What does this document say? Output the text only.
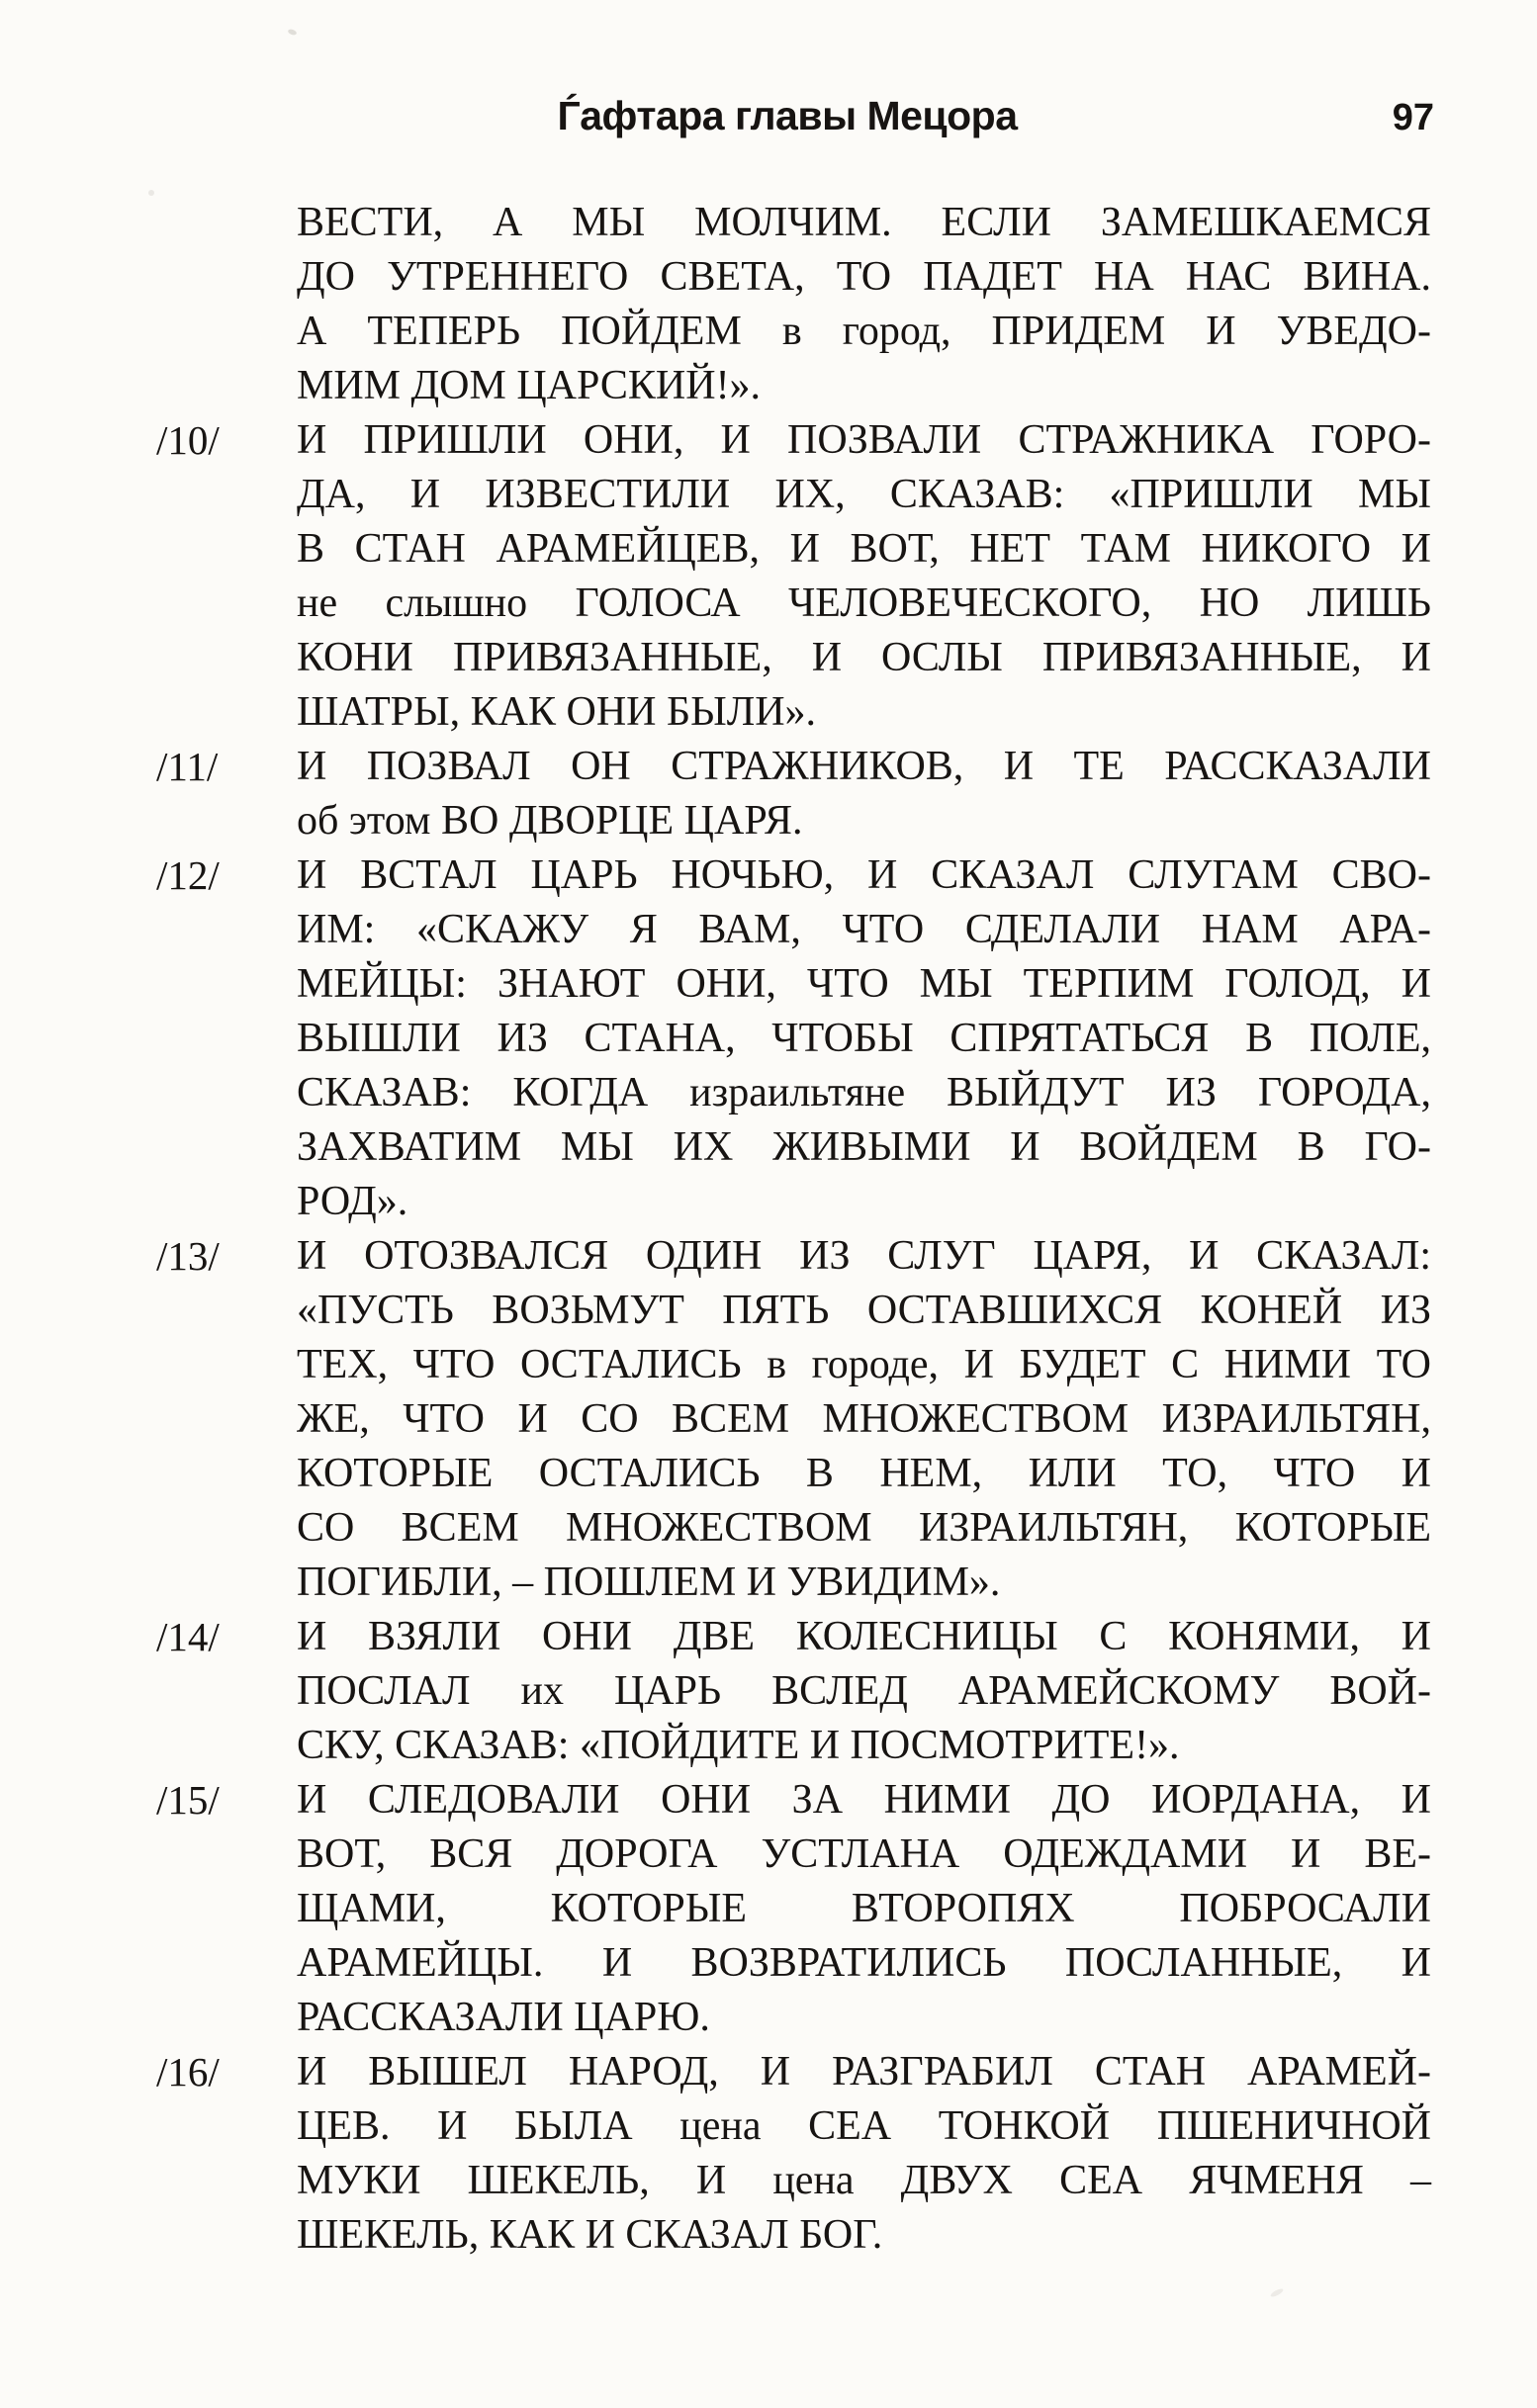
Ѓафтара главы Мецора	97
ВЕСТИ, А МЫ МОЛЧИМ. ЕСЛИ ЗАМЕШКАЕМСЯ
ДО УТРЕННЕГО СВЕТА, ТО ПАДЕТ НА НАС ВИНА.
А ТЕПЕРЬ ПОЙДЕМ в город, ПРИДЕМ И УВЕДО-
МИМ ДОМ ЦАРСКИЙ!».
/10/ И ПРИШЛИ ОНИ, И ПОЗВАЛИ СТРАЖНИКА ГОРО-
ДА, И ИЗВЕСТИЛИ ИХ, СКАЗАВ: «ПРИШЛИ МЫ
В СТАН АРАМЕЙЦЕВ, И ВОТ, НЕТ ТАМ НИКОГО И
не слышно ГОЛОСА ЧЕЛОВЕЧЕСКОГО, НО ЛИШЬ
КОНИ ПРИВЯЗАННЫЕ, И ОСЛЫ ПРИВЯЗАННЫЕ, И
ШАТРЫ, КАК ОНИ БЫЛИ».
/11/ И ПОЗВАЛ ОН СТРАЖНИКОВ, И ТЕ РАССКАЗАЛИ
об этом ВО ДВОРЦЕ ЦАРЯ.
/12/ И ВСТАЛ ЦАРЬ НОЧЬЮ, И СКАЗАЛ СЛУГАМ СВО-
ИМ: «СКАЖУ Я ВАМ, ЧТО СДЕЛАЛИ НАМ АРА-
МЕЙЦЫ: ЗНАЮТ ОНИ, ЧТО МЫ ТЕРПИМ ГОЛОД, И
ВЫШЛИ ИЗ СТАНА, ЧТОБЫ СПРЯТАТЬСЯ В ПОЛЕ,
СКАЗАВ: КОГДА израильтяне ВЫЙДУТ ИЗ ГОРОДА,
ЗАХВАТИМ МЫ ИХ ЖИВЫМИ И ВОЙДЕМ В ГО-
РОД».
/13/ И ОТОЗВАЛСЯ ОДИН ИЗ СЛУГ ЦАРЯ, И СКАЗАЛ:
«ПУСТЬ ВОЗЬМУТ ПЯТЬ ОСТАВШИХСЯ КОНЕЙ ИЗ
ТЕХ, ЧТО ОСТАЛИСЬ в городе, И БУДЕТ С НИМИ ТО
ЖЕ, ЧТО И СО ВСЕМ МНОЖЕСТВОМ ИЗРАИЛЬТЯН,
КОТОРЫЕ ОСТАЛИСЬ В НЕМ, ИЛИ ТО, ЧТО И
СО ВСЕМ МНОЖЕСТВОМ ИЗРАИЛЬТЯН, КОТОРЫЕ
ПОГИБЛИ, – ПОШЛЕМ И УВИДИМ».
/14/ И ВЗЯЛИ ОНИ ДВЕ КОЛЕСНИЦЫ С КОНЯМИ, И
ПОСЛАЛ их ЦАРЬ ВСЛЕД АРАМЕЙСКОМУ ВОЙ-
СКУ, СКАЗАВ: «ПОЙДИТЕ И ПОСМОТРИТЕ!».
/15/ И СЛЕДОВАЛИ ОНИ ЗА НИМИ ДО ИОРДАНА, И
ВОТ, ВСЯ ДОРОГА УСТЛАНА ОДЕЖДАМИ И ВЕ-
ЩАМИ, КОТОРЫЕ ВТОРОПЯХ ПОБРОСАЛИ
АРАМЕЙЦЫ. И ВОЗВРАТИЛИСЬ ПОСЛАННЫЕ, И
РАССКАЗАЛИ ЦАРЮ.
/16/ И ВЫШЕЛ НАРОД, И РАЗГРАБИЛ СТАН АРАМЕЙ-
ЦЕВ. И БЫЛА цена СЕА ТОНКОЙ ПШЕНИЧНОЙ
МУКИ ШЕКЕЛЬ, И цена ДВУХ СЕА ЯЧМЕНЯ –
ШЕКЕЛЬ, КАК И СКАЗАЛ БОГ.
